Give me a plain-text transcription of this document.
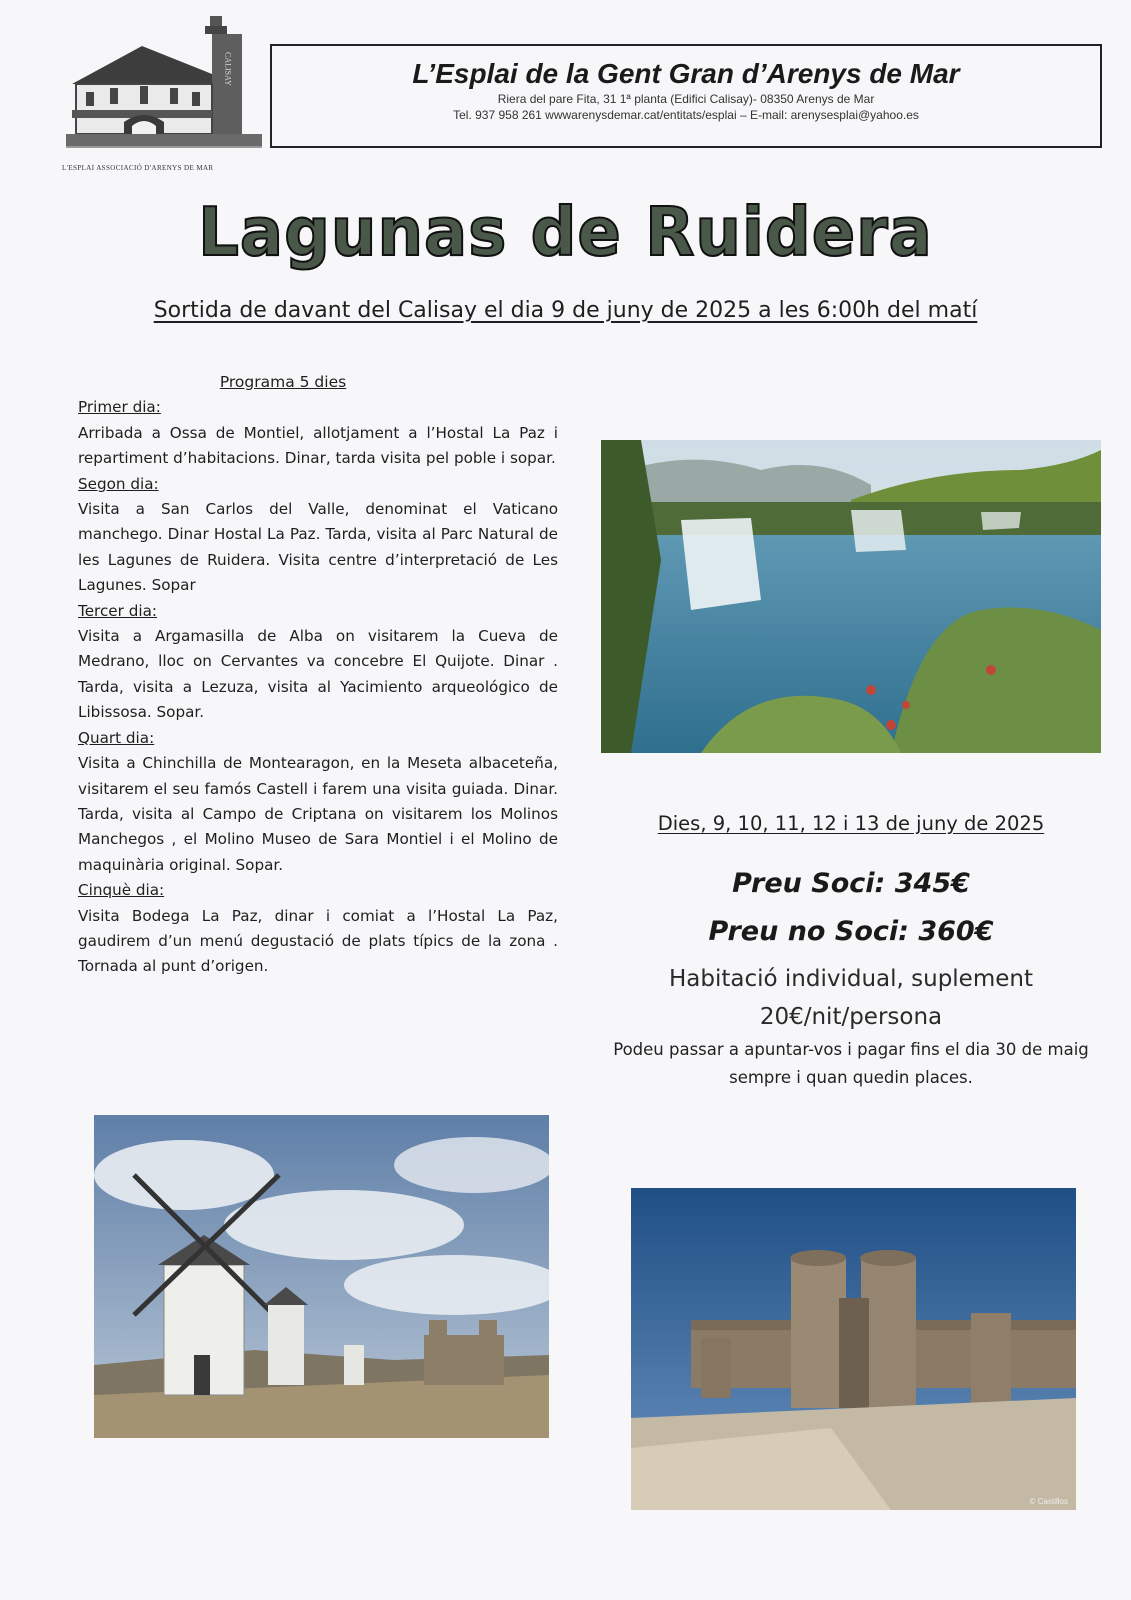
CALISAY
L'ESPLAI ASSOCIACIÓ D'ARENYS DE MAR
L’Esplai de la Gent Gran d’Arenys de Mar
Riera del pare Fita, 31 1ª planta (Edifici Calisay)- 08350 Arenys de Mar
Tel. 937 958 261 wwwarenysdemar.cat/entitats/esplai – E-mail: arenysesplai@yahoo.es
Lagunas de Ruidera
Sortida de davant del Calisay el dia 9 de juny de 2025 a les 6:00h del matí
Programa 5 dies
Primer dia:
Arribada a Ossa de Montiel, allotjament a l’Hostal La Paz i repartiment d’habitacions. Dinar, tarda visita pel poble i sopar.
Segon dia:
Visita a San Carlos del Valle, denominat el Vaticano manchego. Dinar Hostal La Paz. Tarda, visita al Parc Natural de les Lagunes de Ruidera. Visita centre d’interpretació de Les Lagunes. Sopar
Tercer dia:
Visita a Argamasilla de Alba on visitarem la Cueva de Medrano, lloc on Cervantes va concebre El Quijote. Dinar . Tarda, visita a Lezuza, visita al Yacimiento arqueológico de Libissosa. Sopar.
Quart dia:
Visita a Chinchilla de Montearagon, en la Meseta albaceteña, visitarem el seu famós Castell i farem una visita guiada. Dinar. Tarda, visita al Campo de Criptana on visitarem los Molinos Manchegos , el Molino Museo de Sara Montiel i el Molino de maquinària original. Sopar.
Cinquè dia:
Visita Bodega La Paz, dinar i comiat a l’Hostal La Paz, gaudirem d’un menú degustació de plats típics de la zona . Tornada al punt d’origen.
Dies, 9, 10, 11, 12 i 13 de juny de 2025
Preu Soci: 345€
Preu no Soci: 360€
Habitació individual, suplement
20€/nit/persona
Podeu passar a apuntar-vos i pagar fins el dia 30 de maig sempre i quan quedin places.
© Castillos
